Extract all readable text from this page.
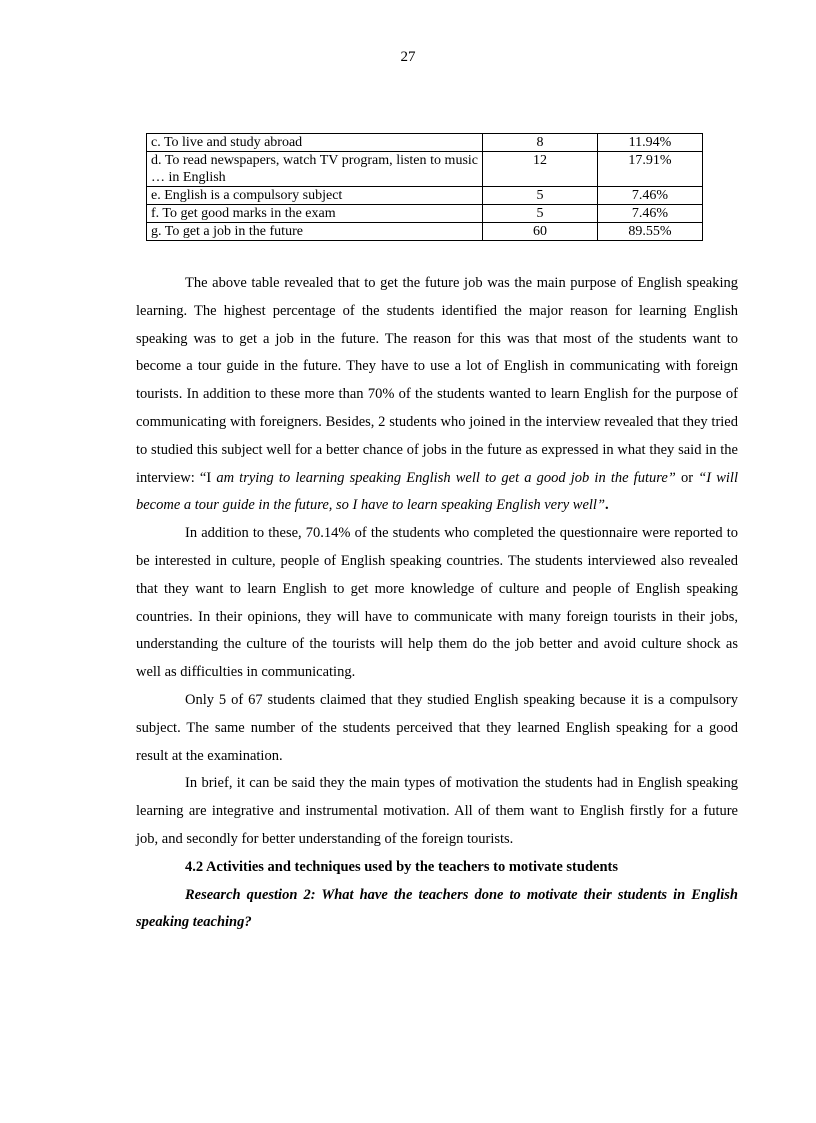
27
c. To live and study abroad	8	11.94%
d. To read newspapers, watch TV program, listen to music … in English	12	17.91%
e. English is a compulsory subject	5	7.46%
f. To get good marks in the exam	5	7.46%
g. To get a job in the future	60	89.55%

The above table revealed that to get the future job was the main purpose of English speaking learning. The highest percentage of the students identified the major reason for learning English speaking was to get a job in the future. The reason for this was that most of the students want to become a tour guide in the future. They have to use a lot of English in communicating with foreign tourists. In addition to these more than 70% of the students wanted to learn English for the purpose of communicating with foreigners. Besides, 2 students who joined in the interview revealed that they tried to studied this subject well for a better chance of jobs in the future as expressed in what they said in the interview: “I am trying to learning speaking English well to get a good job in the future” or “I will become a tour guide in the future, so I have to learn speaking English very well”.

In addition to these, 70.14% of the students who completed the questionnaire were reported to be interested in culture, people of English speaking countries. The students interviewed also revealed that they want to learn English to get more knowledge of culture and people of English speaking countries. In their opinions, they will have to communicate with many foreign tourists in their jobs, understanding the culture of the tourists will help them do the job better and avoid culture shock as well as difficulties in communicating.

Only 5 of 67 students claimed that they studied English speaking because it is a compulsory subject. The same number of the students perceived that they learned English speaking for a good result at the examination.

In brief, it can be said they the main types of motivation the students had in English speaking learning are integrative and instrumental motivation. All of them want to English firstly for a future job, and secondly for better understanding of the foreign tourists.

4.2 Activities and techniques used by the teachers to motivate students

Research question 2: What have the teachers done to motivate their students in English speaking teaching?
